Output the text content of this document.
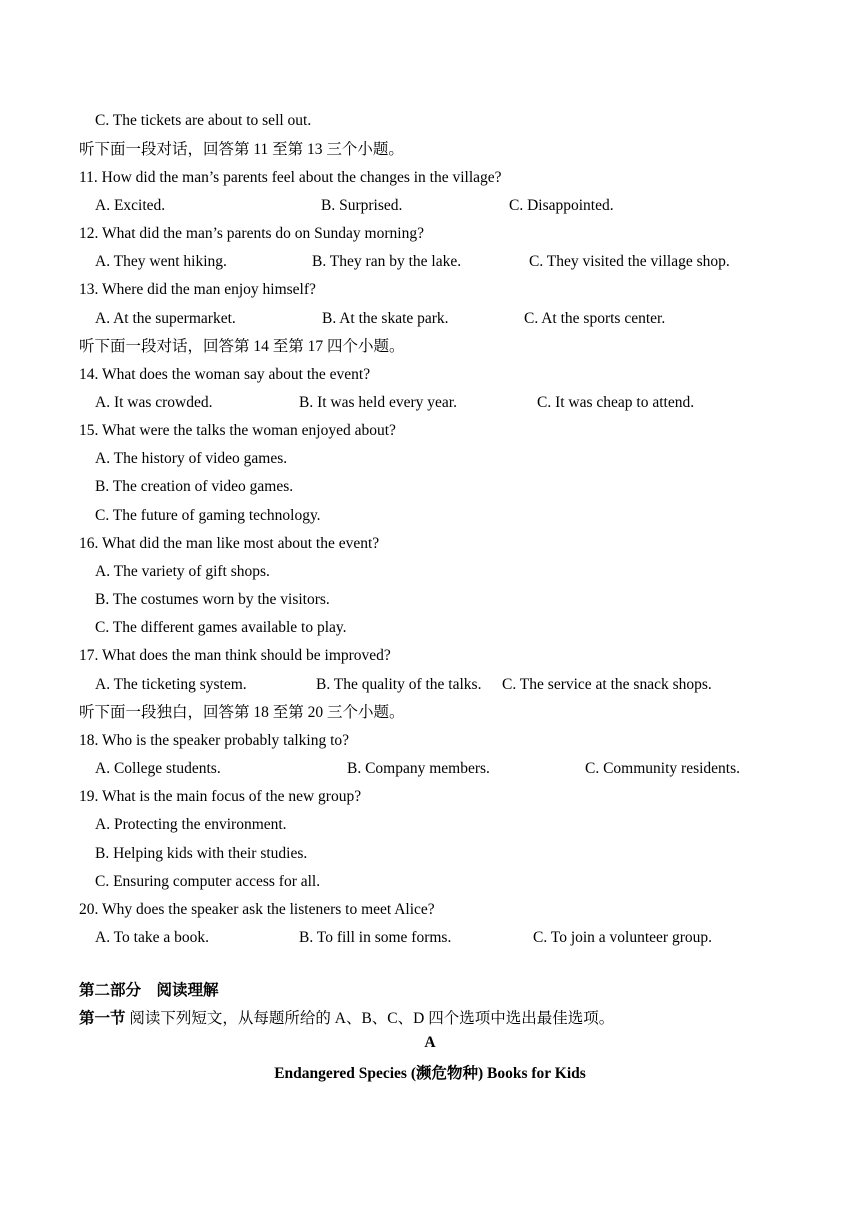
C. The tickets are about to sell out.
听下面一段对话，回答第 11 至第 13 三个小题。
11. How did the man’s parents feel about the changes in the village?
A. Excited.	B. Surprised.	C. Disappointed.
12. What did the man’s parents do on Sunday morning?
A. They went hiking.	B. They ran by the lake.	C. They visited the village shop.
13. Where did the man enjoy himself?
A. At the supermarket.	B. At the skate park.	C. At the sports center.
听下面一段对话，回答第 14 至第 17 四个小题。
14. What does the woman say about the event?
A. It was crowded.	B. It was held every year.	C. It was cheap to attend.
15. What were the talks the woman enjoyed about?
A. The history of video games.
B. The creation of video games.
C. The future of gaming technology.
16. What did the man like most about the event?
A. The variety of gift shops.
B. The costumes worn by the visitors.
C. The different games available to play.
17. What does the man think should be improved?
A. The ticketing system.	B. The quality of the talks. C. The service at the snack shops.
听下面一段独白，回答第 18 至第 20 三个小题。
18. Who is the speaker probably talking to?
A. College students.	B. Company members.	C. Community residents.
19. What is the main focus of the new group?
A. Protecting the environment.
B. Helping kids with their studies.
C. Ensuring computer access for all.
20. Why does the speaker ask the listeners to meet Alice?
A. To take a book.	B. To fill in some forms.	C. To join a volunteer group.
第二部分　阅读理解
第一节 阅读下列短文，从每题所给的 A、B、C、D 四个选项中选出最佳选项。
A
Endangered Species (濒危物种) Books for Kids
